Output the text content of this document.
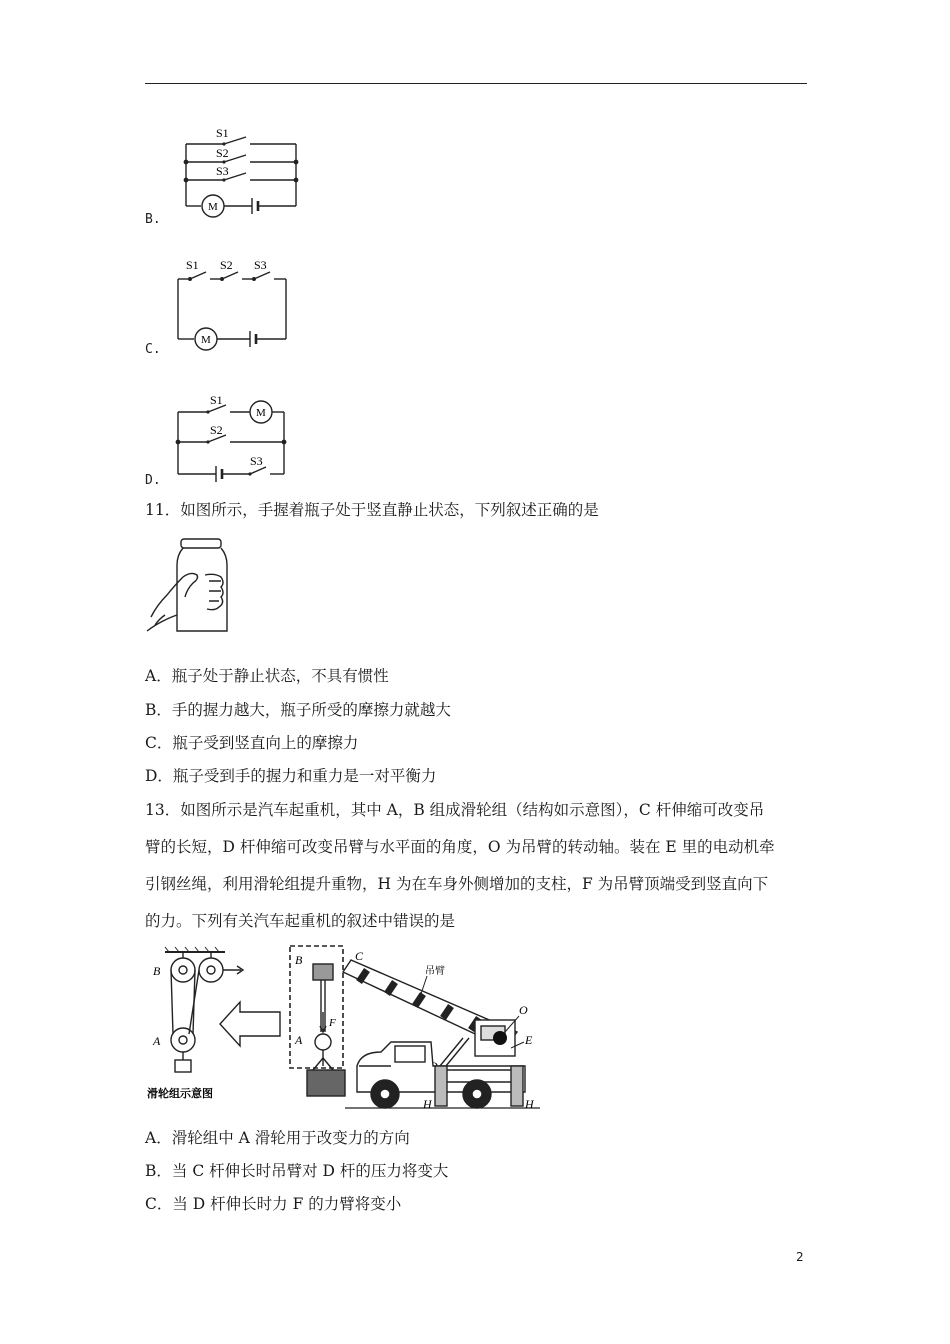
B.
S1
S2
S3
M
C.
S1 S2 S3
M
D.
S1
S2
S3
M
11．如图所示，手握着瓶子处于竖直静止状态，下列叙述正确的是
A．瓶子处于静止状态，不具有惯性
B．手的握力越大，瓶子所受的摩擦力就越大
C．瓶子受到竖直向上的摩擦力
D．瓶子受到手的握力和重力是一对平衡力
13．如图所示是汽车起重机，其中 A，B 组成滑轮组（结构如示意图），C 杆伸缩可改变吊
臂的长短，D 杆伸缩可改变吊臂与水平面的角度，O 为吊臂的转动轴。装在 E 里的电动机牵
引钢丝绳，利用滑轮组提升重物，H 为在车身外侧增加的支柱，F 为吊臂顶端受到竖直向下
的力。下列有关汽车起重机的叙述中错误的是
B
A
滑轮组示意图
B
A
F
C
吊臂
O
E
H	H
A．滑轮组中 A 滑轮用于改变力的方向
B．当 C 杆伸长时吊臂对 D 杆的压力将变大
C．当 D 杆伸长时力 F 的力臂将变小
2
